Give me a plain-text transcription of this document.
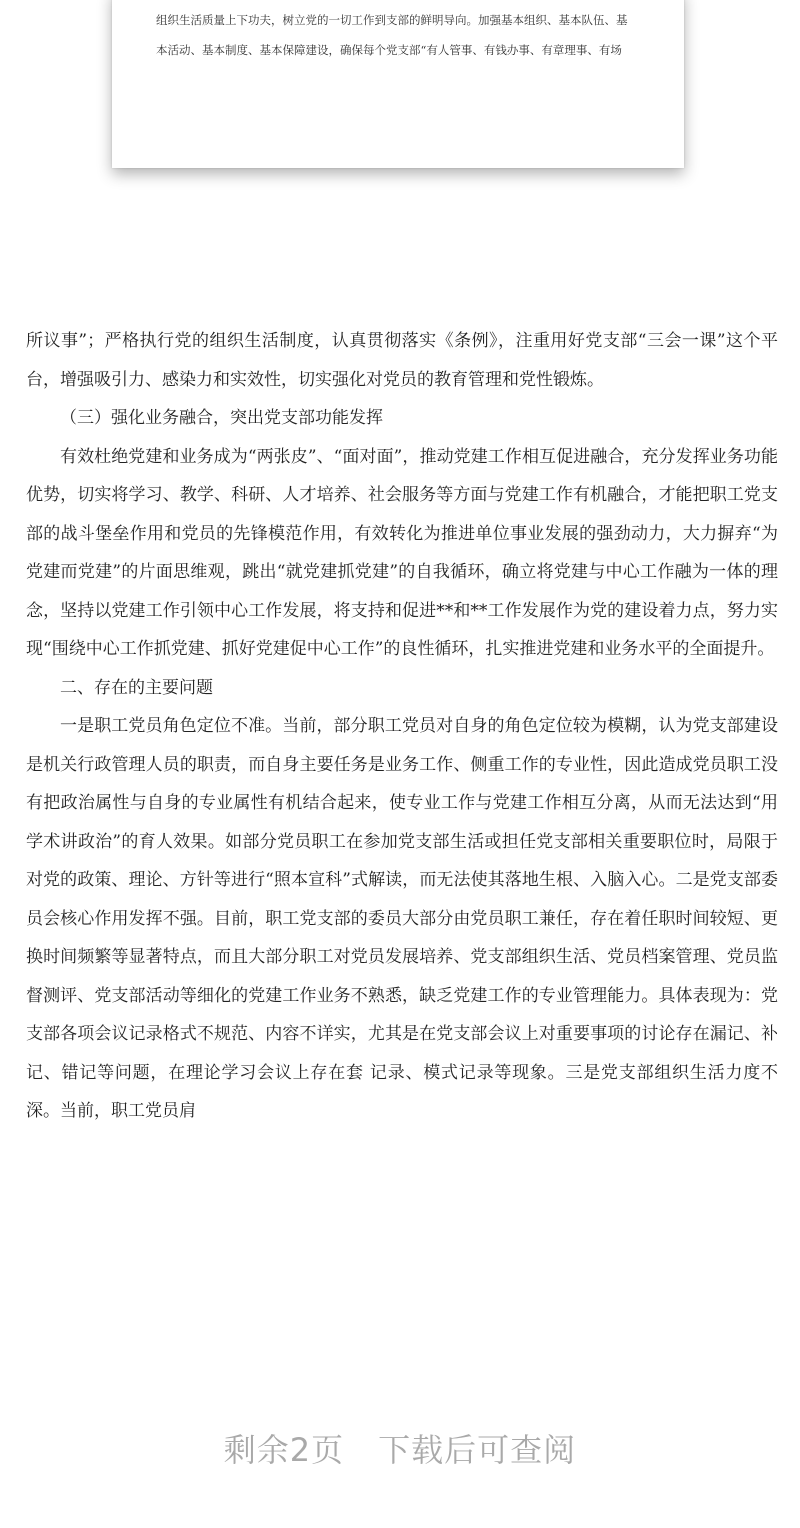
组织生活质量上下功夫，树立党的一切工作到支部的鲜明导向。加强基本组织、基本队伍、基
本活动、基本制度、基本保障建设，确保每个党支部“有人管事、有钱办事、有章理事、有场

所议事”；严格执行党的组织生活制度，认真贯彻落实《条例》，注重用好党支部“三会一课”这个平台，增强吸引力、感染力和实效性，切实强化对党员的教育管理和党性锻炼。

（三）强化业务融合，突出党支部功能发挥

有效杜绝党建和业务成为“两张皮”、“面对面”，推动党建工作相互促进融合，充分发挥业务功能优势，切实将学习、教学、科研、人才培养、社会服务等方面与党建工作有机融合，才能把职工党支部的战斗堡垒作用和党员的先锋模范作用，有效转化为推进单位事业发展的强劲动力，大力摒弃“为党建而党建”的片面思维观，跳出“就党建抓党建”的自我循环，确立将党建与中心工作融为一体的理念，坚持以党建工作引领中心工作发展，将支持和促进**和**工作发展作为党的建设着力点，努力实现“围绕中心工作抓党建、抓好党建促中心工作”的良性循环，扎实推进党建和业务水平的全面提升。

二、存在的主要问题

一是职工党员角色定位不准。当前，部分职工党员对自身的角色定位较为模糊，认为党支部建设是机关行政管理人员的职责，而自身主要任务是业务工作、侧重工作的专业性，因此造成党员职工没有把政治属性与自身的专业属性有机结合起来，使专业工作与党建工作相互分离，从而无法达到“用学术讲政治”的育人效果。如部分党员职工在参加党支部生活或担任党支部相关重要职位时，局限于对党的政策、理论、方针等进行“照本宣科”式解读，而无法使其落地生根、入脑入心。二是党支部委员会核心作用发挥不强。目前，职工党支部的委员大部分由党员职工兼任，存在着任职时间较短、更换时间频繁等显著特点，而且大部分职工对党员发展培养、党支部组织生活、党员档案管理、党员监督测评、党支部活动等细化的党建工作业务不熟悉，缺乏党建工作的专业管理能力。具体表现为：党支部各项会议记录格式不规范、内容不详实，尤其是在党支部会议上对重要事项的讨论存在漏记、补记、错记等问题，在理论学习会议上存在套 记录、模式记录等现象。三是党支部组织生活力度不深。当前，职工党员肩

剩余2页 下载后可查阅
